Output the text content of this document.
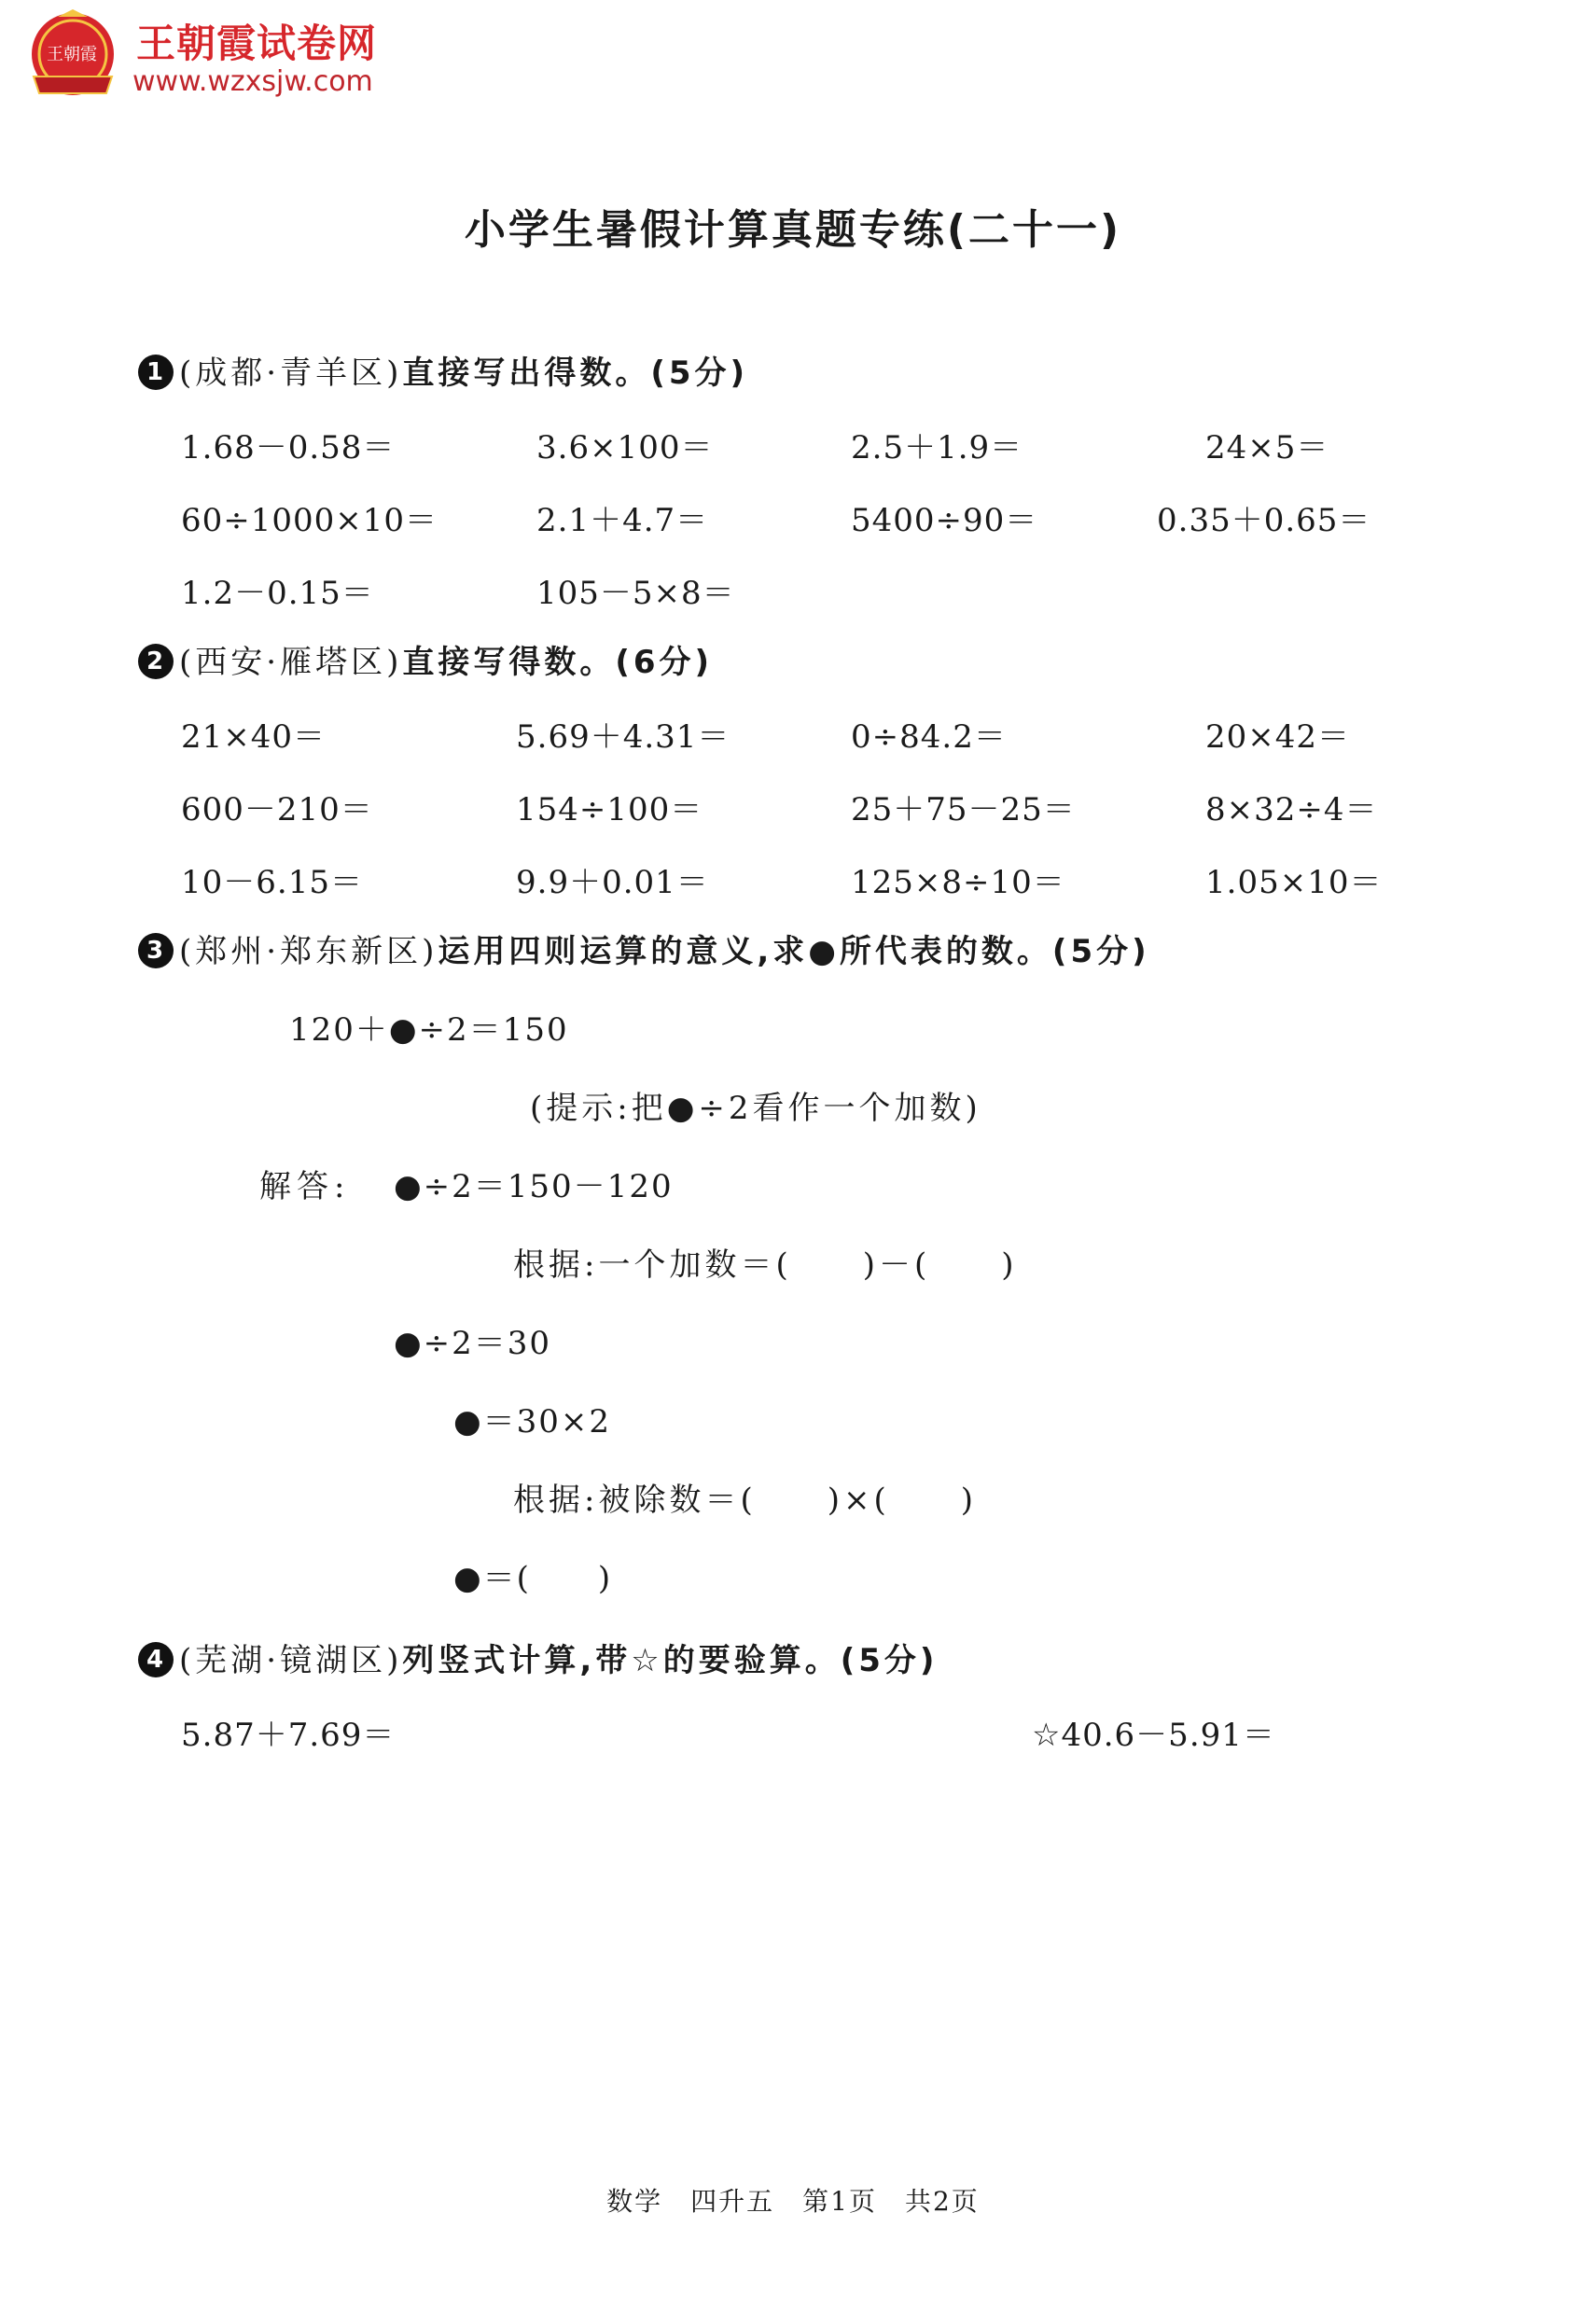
王朝霞 王朝霞试卷网
www.wzxsjw.com
小学生暑假计算真题专练(二十一)
1 (成都·青羊区)直接写出得数。(5分)
1.68－0.58＝	3.6×100＝	2.5＋1.9＝	24×5＝
60÷1000×10＝	2.1＋4.7＝	5400÷90＝	0.35＋0.65＝
1.2－0.15＝	105－5×8＝
2 (西安·雁塔区)直接写得数。(6分)
21×40＝	5.69＋4.31＝	0÷84.2＝	20×42＝
600－210＝	154÷100＝	25＋75－25＝	8×32÷4＝
10－6.15＝	9.9＋0.01＝	125×8÷10＝	1.05×10＝
3 (郑州·郑东新区)运用四则运算的意义,求●所代表的数。(5分)
120＋●÷2＝150
(提示:把●÷2看作一个加数)
解答: ●÷2＝150－120
根据:一个加数＝(　　)－(　　)
●÷2＝30
●＝30×2
根据:被除数＝(　　)×(　　)
●＝(　　)
4 (芜湖·镜湖区)列竖式计算,带☆的要验算。(5分)
5.87＋7.69＝	☆40.6－5.91＝
数学　四升五　第1页　共2页
